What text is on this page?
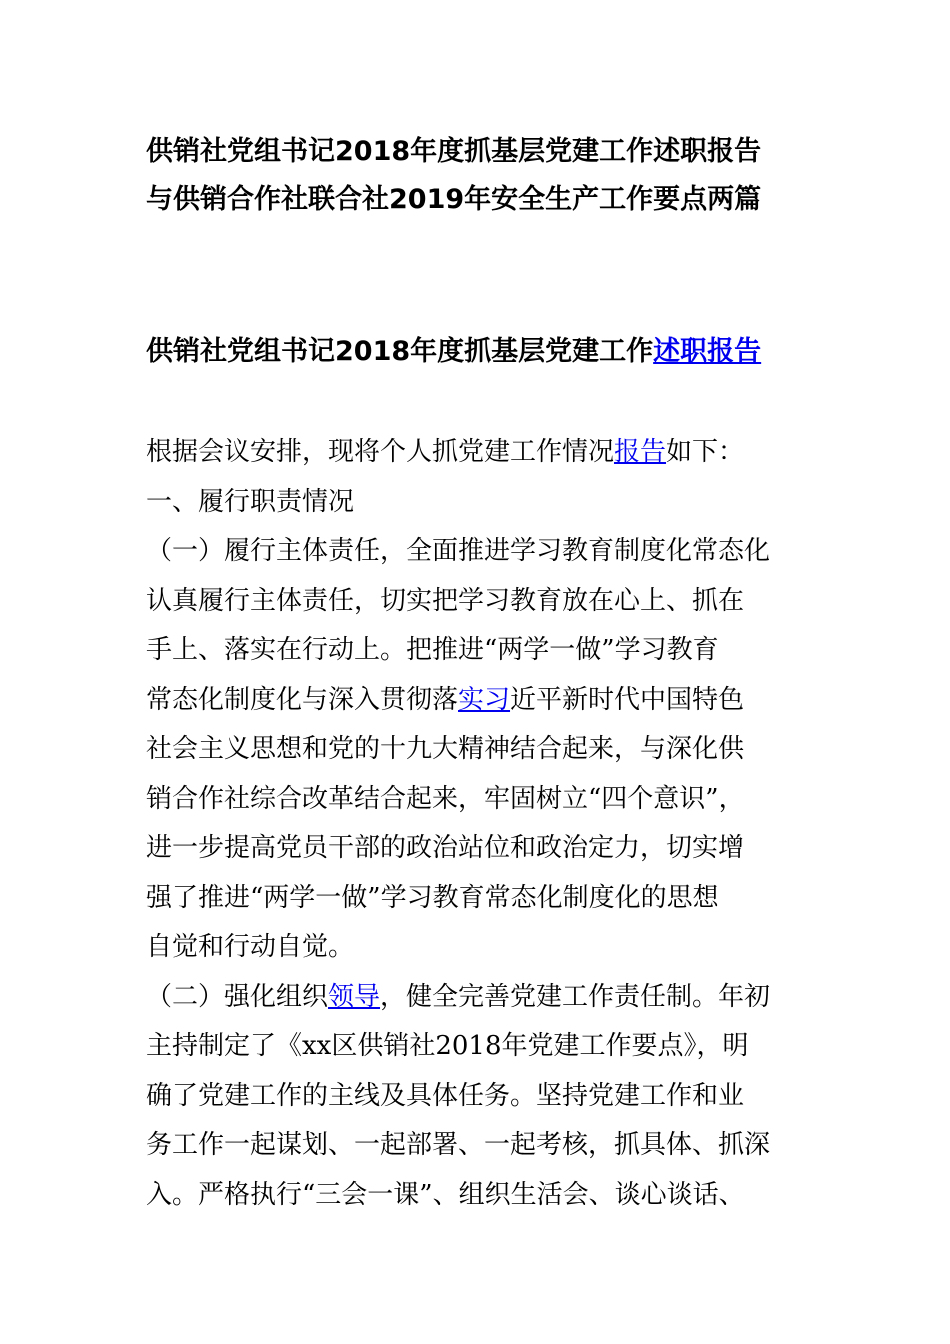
供销社党组书记2018年度抓基层党建工作述职报告
与供销合作社联合社2019年安全生产工作要点两篇
供销社党组书记2018年度抓基层党建工作述职报告
根据会议安排，现将个人抓党建工作情况报告如下：
一、履行职责情况
（一）履行主体责任，全面推进学习教育制度化常态化
认真履行主体责任，切实把学习教育放在心上、抓在
手上、落实在行动上。把推进“两学一做”学习教育
常态化制度化与深入贯彻落实习近平新时代中国特色
社会主义思想和党的十九大精神结合起来，与深化供
销合作社综合改革结合起来，牢固树立“四个意识”，
进一步提高党员干部的政治站位和政治定力，切实增
强了推进“两学一做”学习教育常态化制度化的思想
自觉和行动自觉。
（二）强化组织领导，健全完善党建工作责任制。年初
主持制定了《xx区供销社2018年党建工作要点》，明
确了党建工作的主线及具体任务。坚持党建工作和业
务工作一起谋划、一起部署、一起考核，抓具体、抓深
入。严格执行“三会一课”、组织生活会、谈心谈话、
